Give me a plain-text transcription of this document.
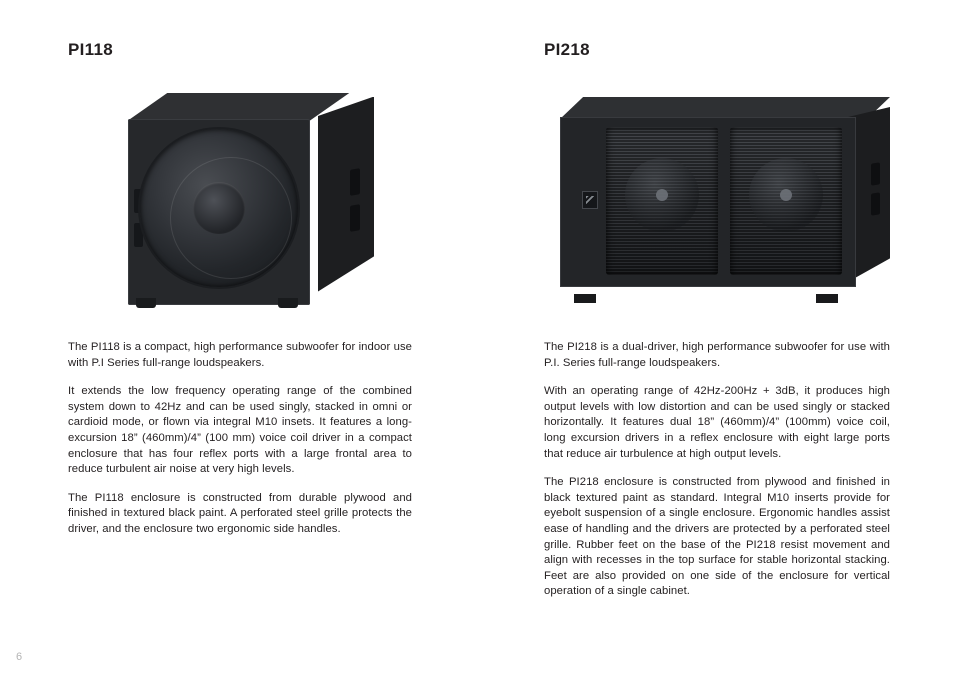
PI118

The PI118 is a compact, high performance subwoofer for indoor use with P.I Series full-range loudspeakers.

It extends the low frequency operating range of the combined system down to 42Hz and can be used singly, stacked in omni or cardioid mode, or flown via integral M10 insets. It features a long-excursion 18” (460mm)/4” (100 mm) voice coil driver in a compact enclosure that has four reflex ports with a large frontal area to reduce turbulent air noise at very high levels.

The PI118 enclosure is constructed from durable plywood and finished in textured black paint. A perforated steel grille protects the driver, and the enclosure two ergonomic side handles.

PI218

The PI218 is a dual-driver, high performance subwoofer for use with P.I. Series full-range loudspeakers.

With an operating range of 42Hz-200Hz + 3dB, it produces high output levels with low distortion and can be used singly or stacked horizontally. It features dual 18” (460mm)/4” (100mm) voice coil, long excursion drivers in a reflex enclosure with eight large ports that reduce air turbulence at high output levels.

The PI218 enclosure is constructed from plywood and finished in black textured paint as standard. Integral M10 inserts provide for eyebolt suspension of a single enclosure. Ergonomic handles assist ease of handling and the drivers are protected by a perforated steel grille. Rubber feet on the base of the PI218 resist movement and align with recesses in the top surface for stable horizontal stacking. Feet are also provided on one side of the enclosure for vertical operation of a single cabinet.

6
